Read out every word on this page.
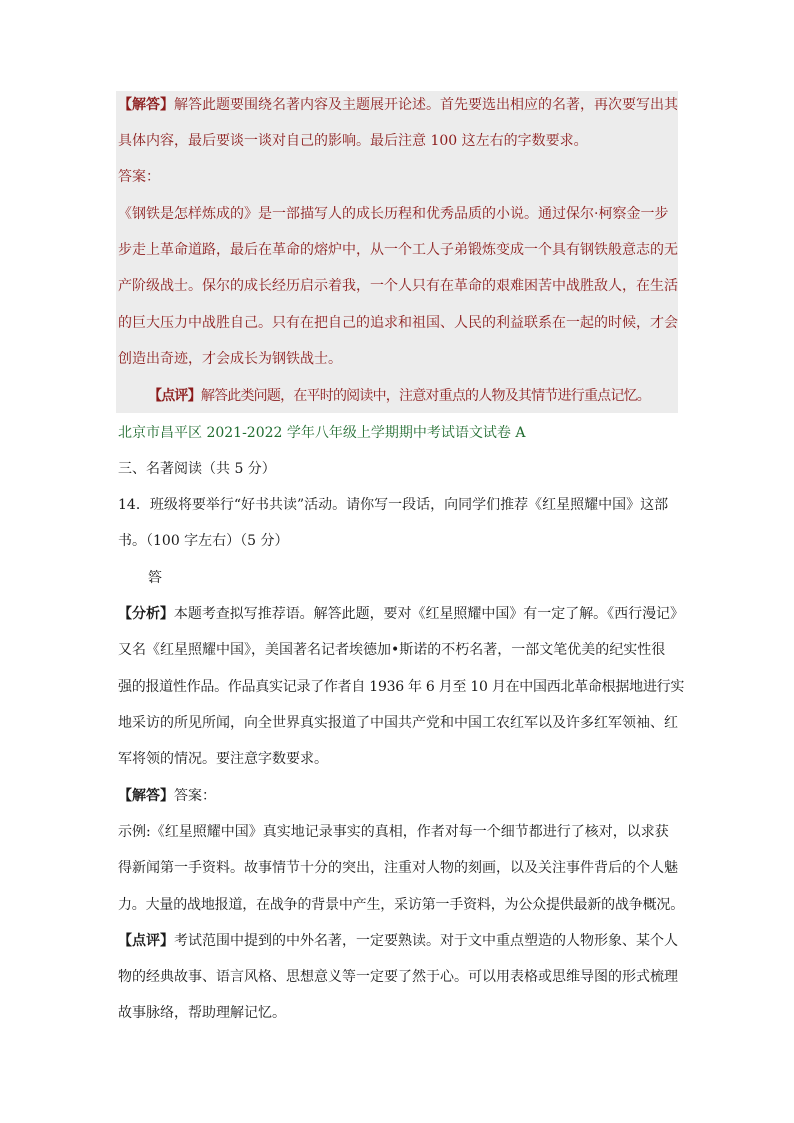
【解答】解答此题要围绕名著内容及主题展开论述。首先要选出相应的名著，再次要写出其
具体内容，最后要谈一谈对自己的影响。最后注意 100 这左右的字数要求。
答案：
《钢铁是怎样炼成的》是一部描写人的成长历程和优秀品质的小说。通过保尔·柯察金一步
步走上革命道路，最后在革命的熔炉中，从一个工人子弟锻炼变成一个具有钢铁般意志的无
产阶级战士。保尔的成长经历启示着我，一个人只有在革命的艰难困苦中战胜敌人，在生活
的巨大压力中战胜自己。只有在把自己的追求和祖国、人民的利益联系在一起的时候，才会
创造出奇迹，才会成长为钢铁战士。
【点评】解答此类问题，在平时的阅读中，注意对重点的人物及其情节进行重点记忆。
北京市昌平区 2021-2022 学年八年级上学期期中考试语文试卷 A
三、名著阅读（共 5 分）
14．班级将要举行“好书共读”活动。请你写一段话，向同学们推荐《红星照耀中国》这部
书。（100 字左右）（5 分）
【分析】本题考查拟写推荐语。解答此题，要对《红星照耀中国》有一定了解。《西行漫记》
又名《红星照耀中国》，美国著名记者埃德加•斯诺的不朽名著，一部文笔优美的纪实性很
强的报道性作品。作品真实记录了作者自 1936 年 6 月至 10 月在中国西北革命根据地进行实
地采访的所见所闻，向全世界真实报道了中国共产党和中国工农红军以及许多红军领袖、红
军将领的情况。要注意字数要求。
【解答】答案：
示例:《红星照耀中国》真实地记录事实的真相，作者对每一个细节都进行了核对，以求获
得新闻第一手资料。故事情节十分的突出，注重对人物的刻画，以及关注事件背后的个人魅
力。大量的战地报道，在战争的背景中产生，采访第一手资料，为公众提供最新的战争概况。
【点评】考试范围中提到的中外名著，一定要熟读。对于文中重点塑造的人物形象、某个人
物的经典故事、语言风格、思想意义等一定要了然于心。可以用表格或思维导图的形式梳理
故事脉络，帮助理解记忆。
